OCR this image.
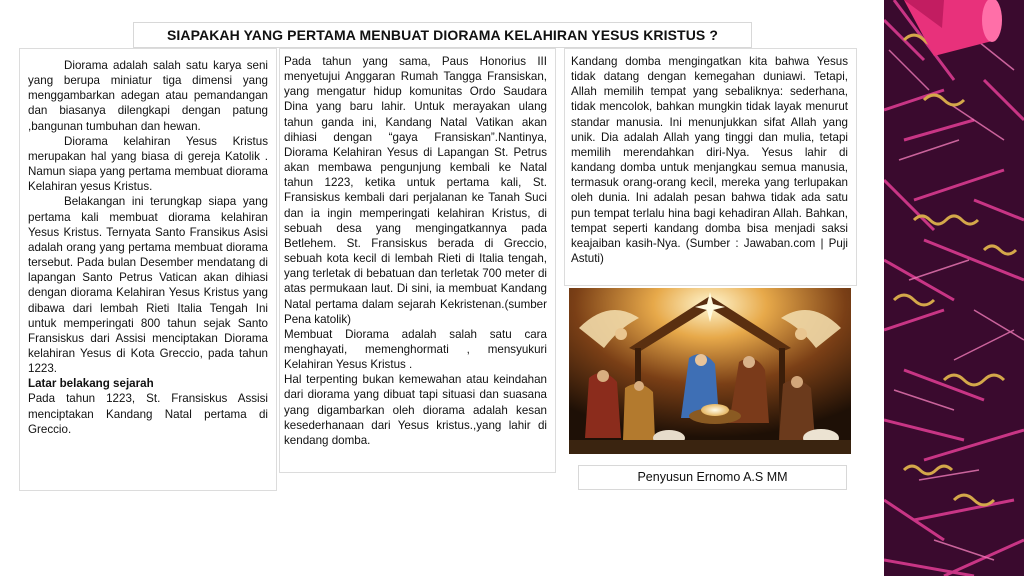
SIAPAKAH YANG PERTAMA MENBUAT DIORAMA KELAHIRAN YESUS KRISTUS ?

Diorama adalah salah satu karya seni yang berupa miniatur tiga dimensi yang menggambarkan adegan atau pemandangan dan biasanya dilengkapi dengan patung ,bangunan tumbuhan dan hewan.

Diorama kelahiran Yesus Kristus merupakan hal yang biasa di gereja Katolik . Namun siapa yang pertama membuat diorama Kelahiran yesus Kristus.

Belakangan ini terungkap siapa yang pertama kali membuat diorama kelahiran Yesus Kristus. Ternyata Santo Fransikus Asisi adalah orang yang pertama membuat diorama tersebut. Pada bulan Desember mendatang di lapangan Santo Petrus Vatican akan dihiasi dengan diorama Kelahiran Yesus Kristus yang dibawa dari lembah Rieti Italia Tengah Ini untuk memperingati 800 tahun sejak Santo Fransiskus dari Assisi menciptakan Diorama kelahiran Yesus di Kota Greccio, pada tahun 1223.

Latar belakang sejarah

Pada tahun 1223, St. Fransiskus Assisi menciptakan Kandang Natal pertama di Greccio.

Pada tahun yang sama, Paus Honorius III menyetujui Anggaran Rumah Tangga Fransiskan, yang mengatur hidup komunitas Ordo Saudara Dina yang baru lahir. Untuk merayakan ulang tahun ganda ini, Kandang Natal Vatikan akan dihiasi dengan “gaya Fransiskan”.Nantinya, Diorama Kelahiran Yesus di Lapangan St. Petrus akan membawa pengunjung kembali ke Natal tahun 1223, ketika untuk pertama kali, St. Fransiskus kembali dari perjalanan ke Tanah Suci dan ia ingin memperingati kelahiran Kristus, di sebuah desa yang mengingatkannya pada Betlehem. St. Fransiskus berada di Greccio, sebuah kota kecil di lembah Rieti di Italia tengah, yang terletak di bebatuan dan terletak 700 meter di atas permukaan laut. Di sini, ia membuat Kandang Natal pertama dalam sejarah Kekristenan.(sumber Pena katolik)

Membuat Diorama adalah salah satu cara menghayati, memenghormati , mensyukuri Kelahiran Yesus Kristus .

Hal terpenting bukan kemewahan atau keindahan dari diorama yang dibuat tapi situasi dan suasana yang digambarkan oleh diorama adalah kesan kesederhanaan dari Yesus kristus.,yang lahir di kendang domba.

Kandang domba mengingatkan kita bahwa Yesus tidak datang dengan kemegahan duniawi. Tetapi, Allah memilih tempat yang sebaliknya: sederhana, tidak mencolok, bahkan mungkin tidak layak menurut standar manusia. Ini menunjukkan sifat Allah yang unik. Dia adalah Allah yang tinggi dan mulia, tetapi memilih merendahkan diri-Nya. Yesus lahir di kandang domba untuk menjangkau semua manusia, termasuk orang-orang kecil, mereka yang terlupakan oleh dunia. Ini adalah pesan bahwa tidak ada satu pun tempat terlalu hina bagi kehadiran Allah. Bahkan, tempat seperti kandang domba bisa menjadi saksi keajaiban kasih-Nya. (Sumber : Jawaban.com | Puji Astuti)

Penyusun Ernomo A.S MM
